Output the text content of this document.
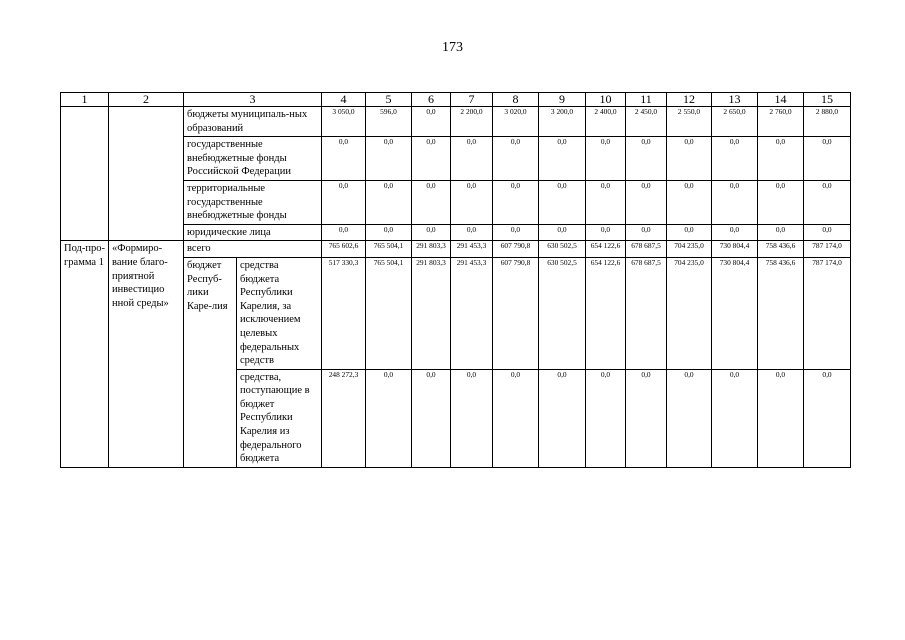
173
1	2	3		4	5	6	7	8	9	10	11	12	13	14	15
		бюджеты муниципаль-ных образований		3 050,0	596,0	0,0	2 200,0	3 020,0	3 200,0	2 400,0	2 450,0	2 550,0	2 650,0	2 760,0	2 880,0
		государственные внебюджетные фонды Российской Федерации		0,0	0,0	0,0	0,0	0,0	0,0	0,0	0,0	0,0	0,0	0,0	0,0
		территориальные государственные внебюджетные фонды		0,0	0,0	0,0	0,0	0,0	0,0	0,0	0,0	0,0	0,0	0,0	0,0
		юридические лица		0,0	0,0	0,0	0,0	0,0	0,0	0,0	0,0	0,0	0,0	0,0	0,0
Под-про-грамма 1	«Формиро-вание благо-приятной инвестицио нной среды»	всего		765 602,6	765 504,1	291 803,3	291 453,3	607 790,8	630 502,5	654 122,6	678 687,5	704 235,0	730 804,4	758 436,6	787 174,0
		бюджет Респуб-лики Каре-лия	средства бюджета Республики Карелия, за исключением целевых федеральных средств	517 330,3	765 504,1	291 803,3	291 453,3	607 790,8	630 502,5	654 122,6	678 687,5	704 235,0	730 804,4	758 436,6	787 174,0
			средства, поступающие в бюджет Республики Карелия из федерального бюджета	248 272,3	0,0	0,0	0,0	0,0	0,0	0,0	0,0	0,0	0,0	0,0	0,0
